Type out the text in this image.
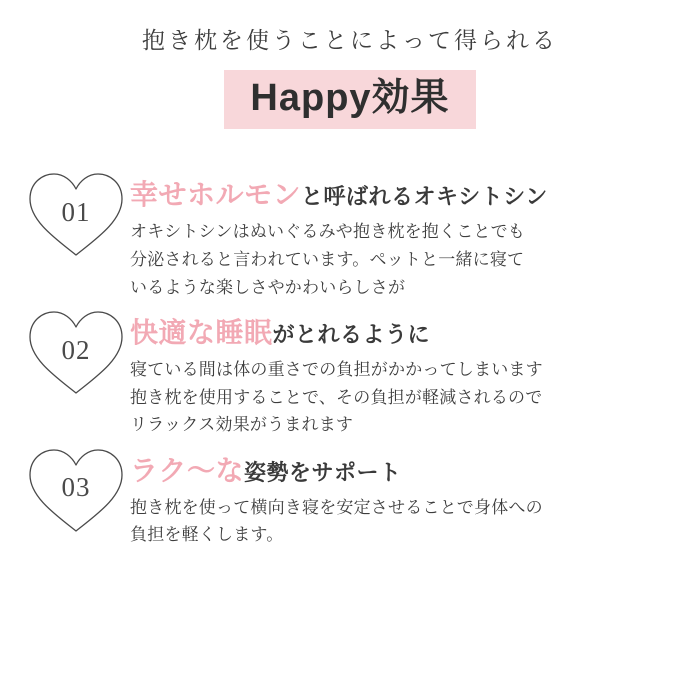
抱き枕を使うことによって得られる
Happy効果
01
幸せホルモンと呼ばれるオキシトシン
オキシトシンはぬいぐるみや抱き枕を抱くことでも
分泌されると言われています。ペットと一緒に寝て
いるような楽しさやかわいらしさが
02
快適な睡眠がとれるように
寝ている間は体の重さでの負担がかかってしまいます
抱き枕を使用することで、その負担が軽減されるので
リラックス効果がうまれます
03
ラク〜な姿勢をサポート
抱き枕を使って横向き寝を安定させることで身体への
負担を軽くします。
